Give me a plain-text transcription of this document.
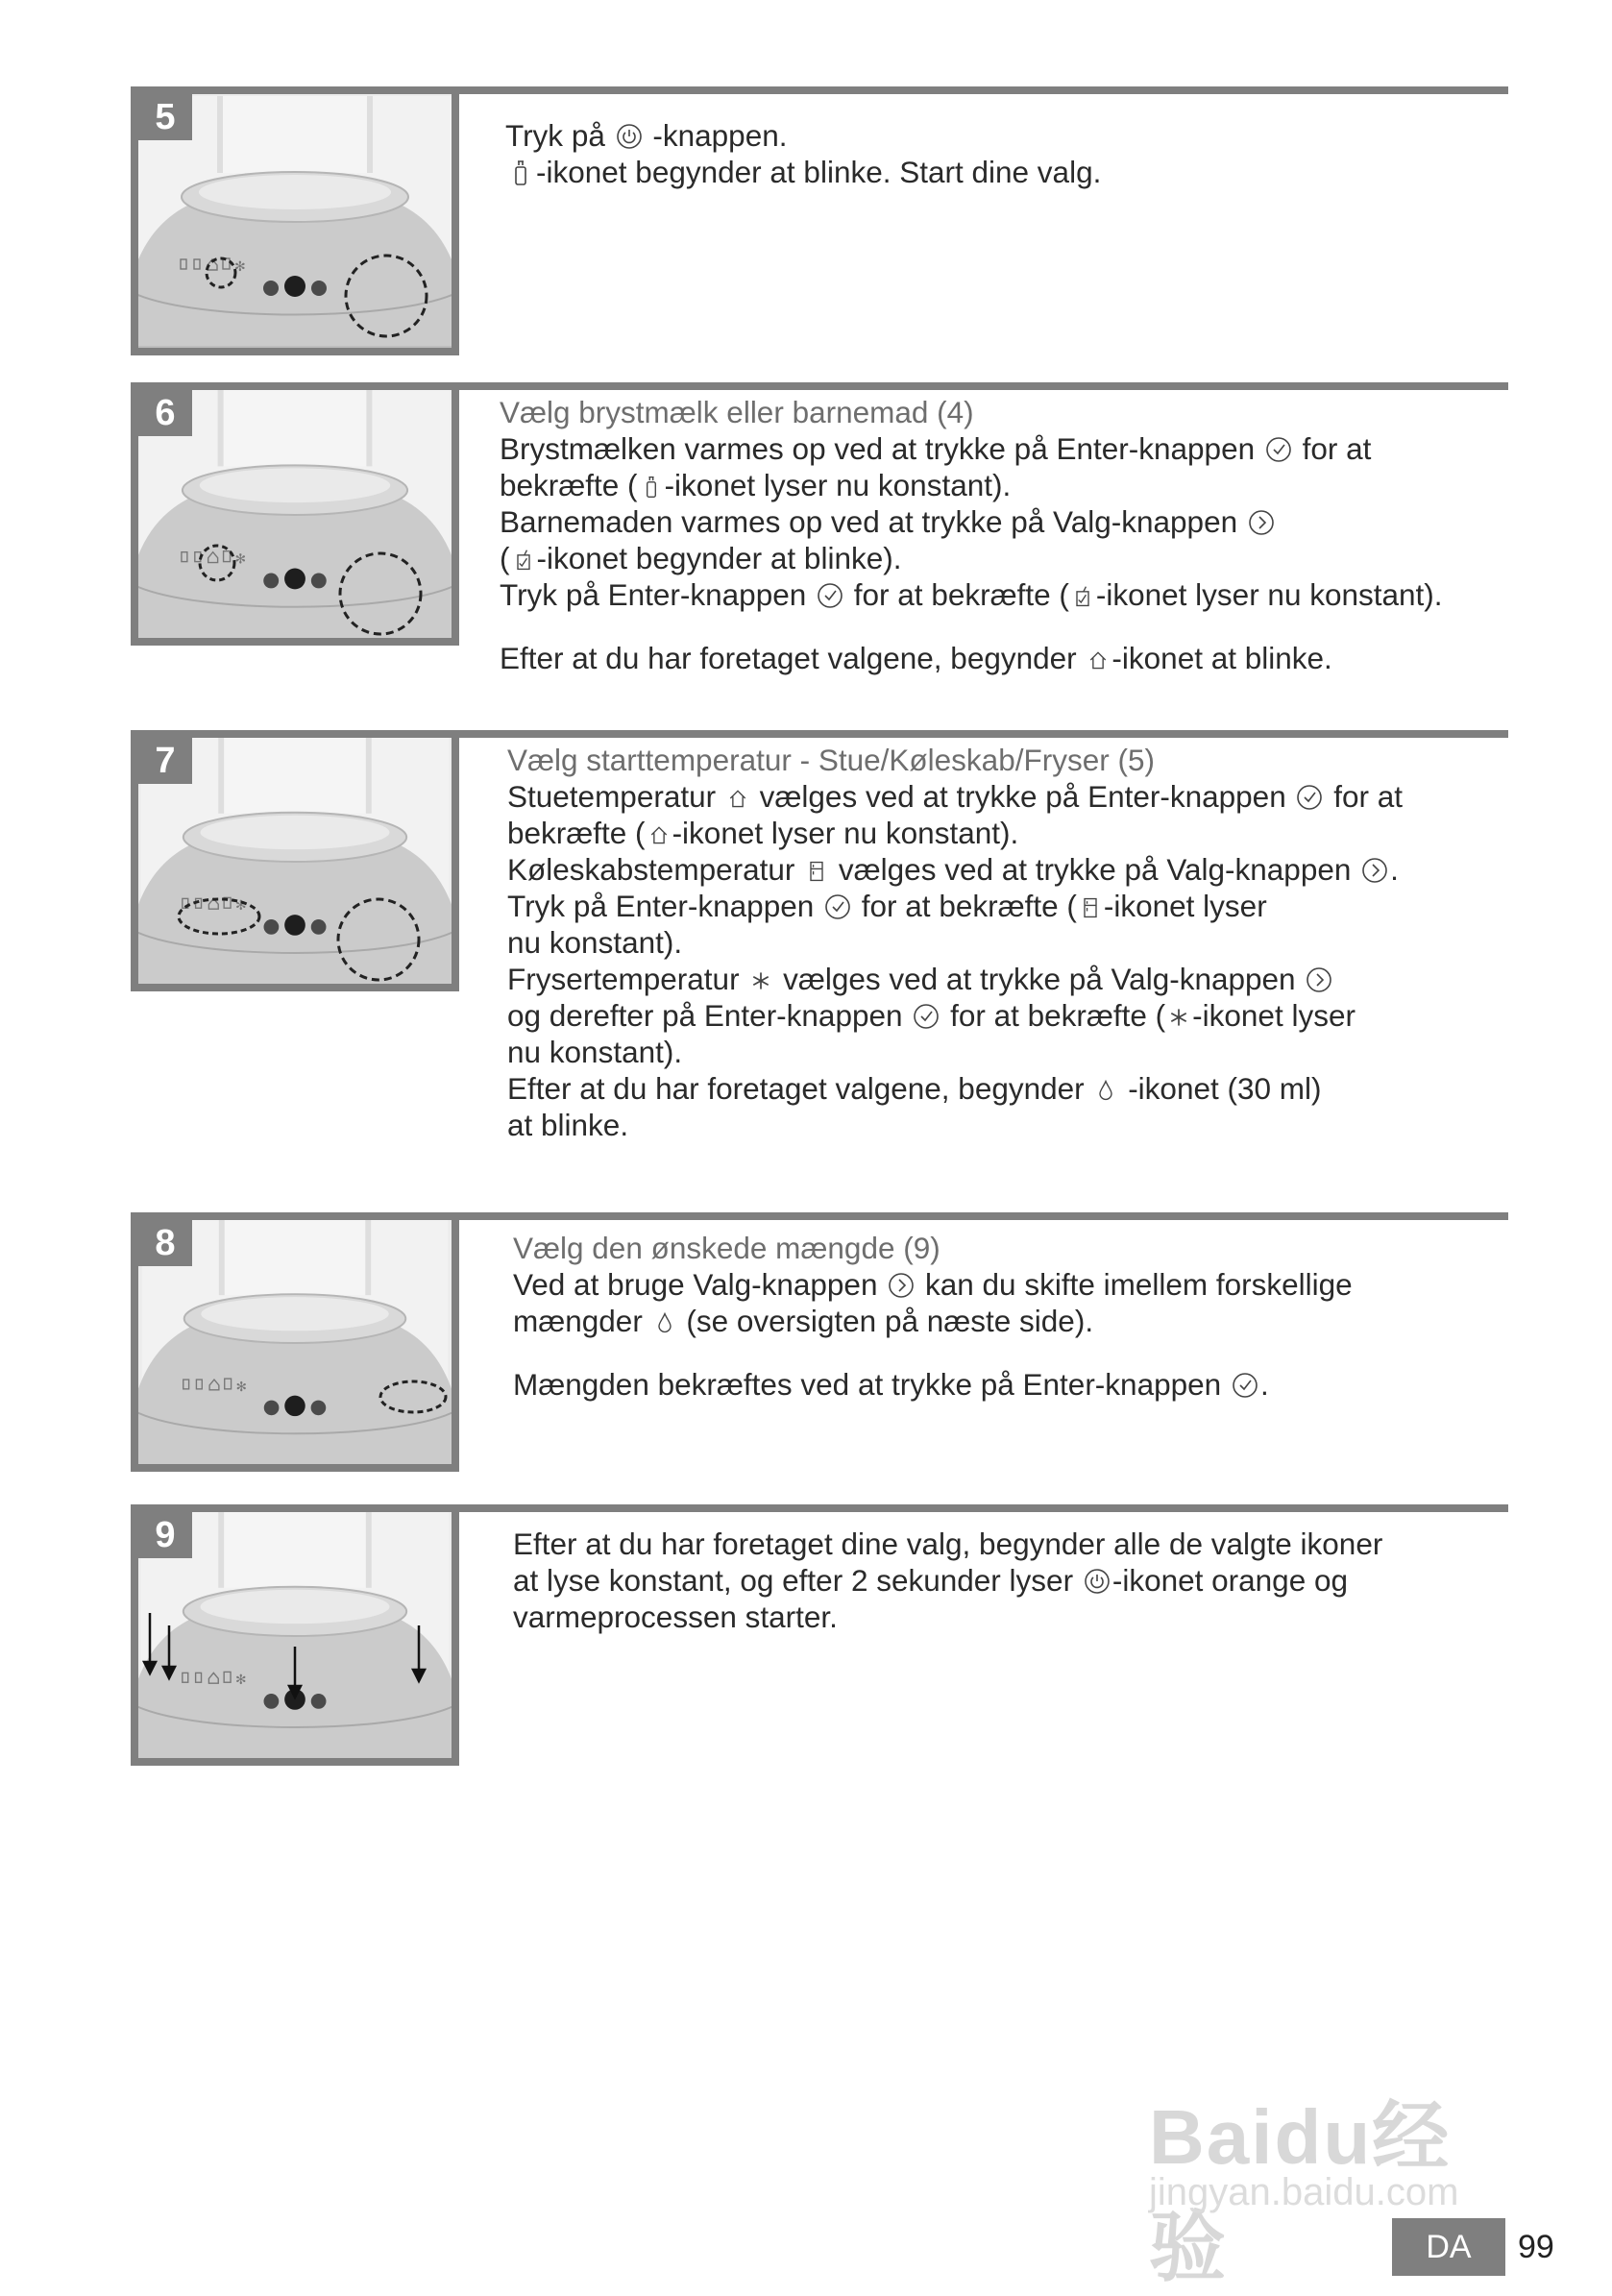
5	Tryk på -knappen.
-ikonet begynder at blinke. Start dine valg.
6	Vælg brystmælk eller barnemad (4)
Brystmælken varmes op ved at trykke på Enter-knappen for at
bekræfte ( -ikonet lyser nu konstant).
Barnemaden varmes op ved at trykke på Valg-knappen
( -ikonet begynder at blinke).
Tryk på Enter-knappen for at bekræfte ( -ikonet lyser nu konstant).
Efter at du har foretaget valgene, begynder -ikonet at blinke.
7	Vælg starttemperatur - Stue/Køleskab/Fryser (5)
Stuetemperatur vælges ved at trykke på Enter-knappen for at
bekræfte ( -ikonet lyser nu konstant).
Køleskabstemperatur vælges ved at trykke på Valg-knappen .
Tryk på Enter-knappen for at bekræfte ( -ikonet lyser
nu konstant).
Frysertemperatur vælges ved at trykke på Valg-knappen
og derefter på Enter-knappen for at bekræfte ( -ikonet lyser
nu konstant).
Efter at du har foretaget valgene, begynder -ikonet (30 ml)
at blinke.
8	Vælg den ønskede mængde (9)
Ved at bruge Valg-knappen kan du skifte imellem forskellige
mængder (se oversigten på næste side).
Mængden bekræftes ved at trykke på Enter-knappen .
9	Efter at du har foretaget dine valg, begynder alle de valgte ikoner
at lyse konstant, og efter 2 sekunder lyser -ikonet orange og
varmeprocessen starter.
Baidu经验
jingyan.baidu.com
DA	99
